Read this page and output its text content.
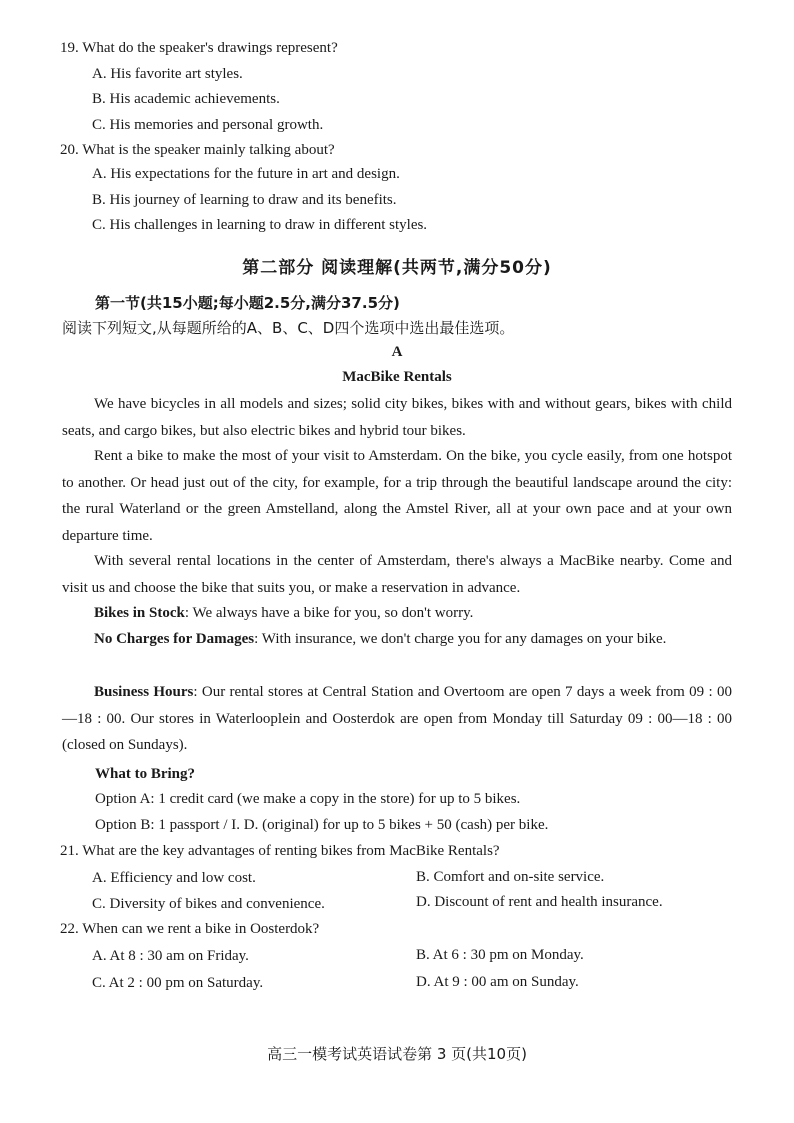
19. What do the speaker's drawings represent?
A. His favorite art styles.
B. His academic achievements.
C. His memories and personal growth.
20. What is the speaker mainly talking about?
A. His expectations for the future in art and design.
B. His journey of learning to draw and its benefits.
C. His challenges in learning to draw in different styles.
第二部分 阅读理解(共两节,满分50分)
第一节(共15小题;每小题2.5分,满分37.5分)
阅读下列短文,从每题所给的A、B、C、D四个选项中选出最佳选项。
A
MacBike Rentals

We have bicycles in all models and sizes; solid city bikes, bikes with and without gears, bikes with child seats, and cargo bikes, but also electric bikes and hybrid tour bikes.

Rent a bike to make the most of your visit to Amsterdam. On the bike, you cycle easily, from one hotspot to another. Or head just out of the city, for example, for a trip through the beautiful landscape around the city: the rural Waterland or the green Amstelland, along the Amstel River, all at your own pace and at your own departure time.

With several rental locations in the center of Amsterdam, there's always a MacBike nearby. Come and visit us and choose the bike that suits you, or make a reservation in advance.

Bikes in Stock: We always have a bike for you, so don't worry.

No Charges for Damages: With insurance, we don't charge you for any damages on your bike.

Business Hours: Our rental stores at Central Station and Overtoom are open 7 days a week from 09 : 00—18 : 00. Our stores in Waterlooplein and Oosterdok are open from Monday till Saturday 09 : 00—18 : 00 (closed on Sundays).

What to Bring?
Option A: 1 credit card (we make a copy in the store) for up to 5 bikes.
Option B: 1 passport / I. D. (original) for up to 5 bikes + 50 (cash) per bike.
21. What are the key advantages of renting bikes from MacBike Rentals?
A. Efficiency and low cost.	B. Comfort and on-site service.
C. Diversity of bikes and convenience.	D. Discount of rent and health insurance.
22. When can we rent a bike in Oosterdok?
A. At 8 : 30 am on Friday.	B. At 6 : 30 pm on Monday.
C. At 2 : 00 pm on Saturday.	D. At 9 : 00 am on Sunday.
高三一模考试英语试卷第 3 页(共10页)
